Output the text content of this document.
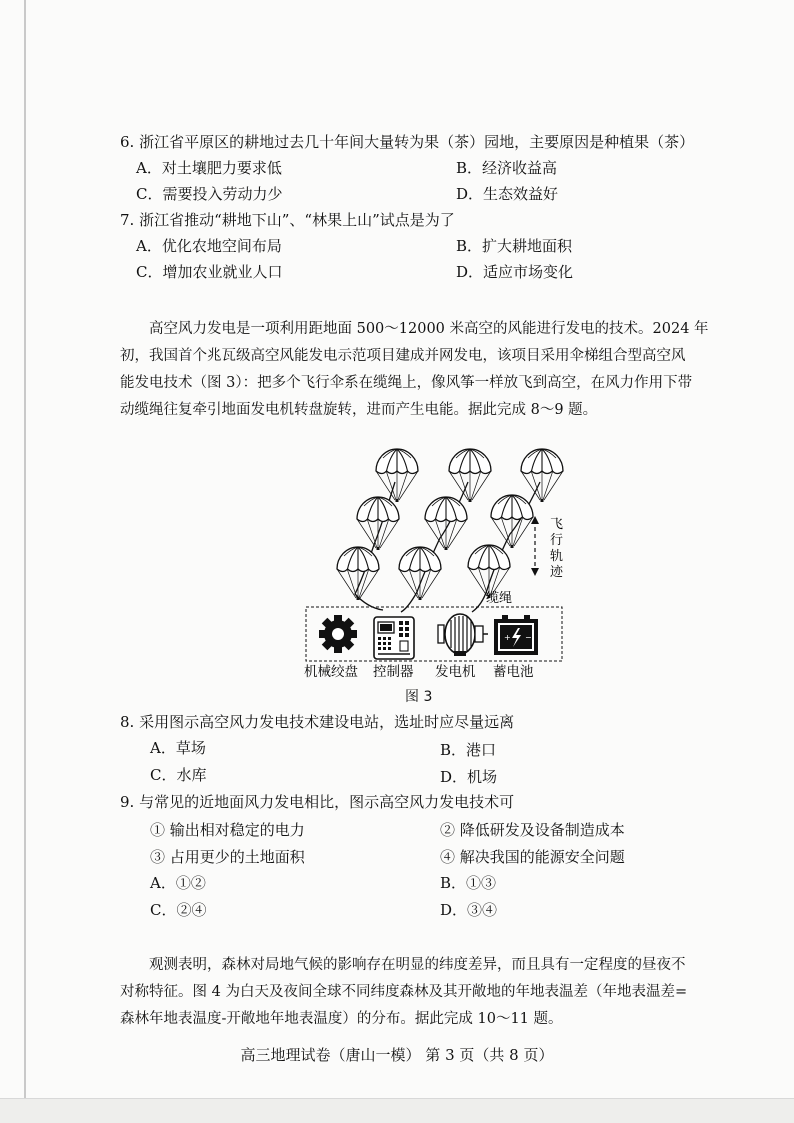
6. 浙江省平原区的耕地过去几十年间大量转为果（茶）园地，主要原因是种植果（茶）
A．对土壤肥力要求低	B．经济收益高
C．需要投入劳动力少	D．生态效益好
7. 浙江省推动“耕地下山”、“林果上山”试点是为了
A．优化农地空间布局	B．扩大耕地面积
C．增加农业就业人口	D．适应市场变化

高空风力发电是一项利用距地面 500～12000 米高空的风能进行发电的技术。2024 年

初，我国首个兆瓦级高空风能发电示范项目建成并网发电，该项目采用伞梯组合型高空风

能发电技术（图 3）：把多个飞行伞系在缆绳上，像风筝一样放飞到高空，在风力作用下带

动缆绳往复牵引地面发电机转盘旋转，进而产生电能。据此完成 8～9 题。

飞
行
轨
迹
缆绳
+ −
机械绞盘 控制器 发电机 蓄电池
图 3
8. 采用图示高空风力发电技术建设电站，选址时应尽量远离
A．草场	B．港口
C．水库	D．机场
9. 与常见的近地面风力发电相比，图示高空风力发电技术可
① 输出相对稳定的电力	② 降低研发及设备制造成本
③ 占用更少的土地面积	④ 解决我国的能源安全问题
A．①②	B．①③
C．②④	D．③④

观测表明，森林对局地气候的影响存在明显的纬度差异，而且具有一定程度的昼夜不

对称特征。图 4 为白天及夜间全球不同纬度森林及其开敞地的年地表温差（年地表温差=

森林年地表温度-开敞地年地表温度）的分布。据此完成 10～11 题。

高三地理试卷（唐山一模） 第 3 页（共 8 页）
